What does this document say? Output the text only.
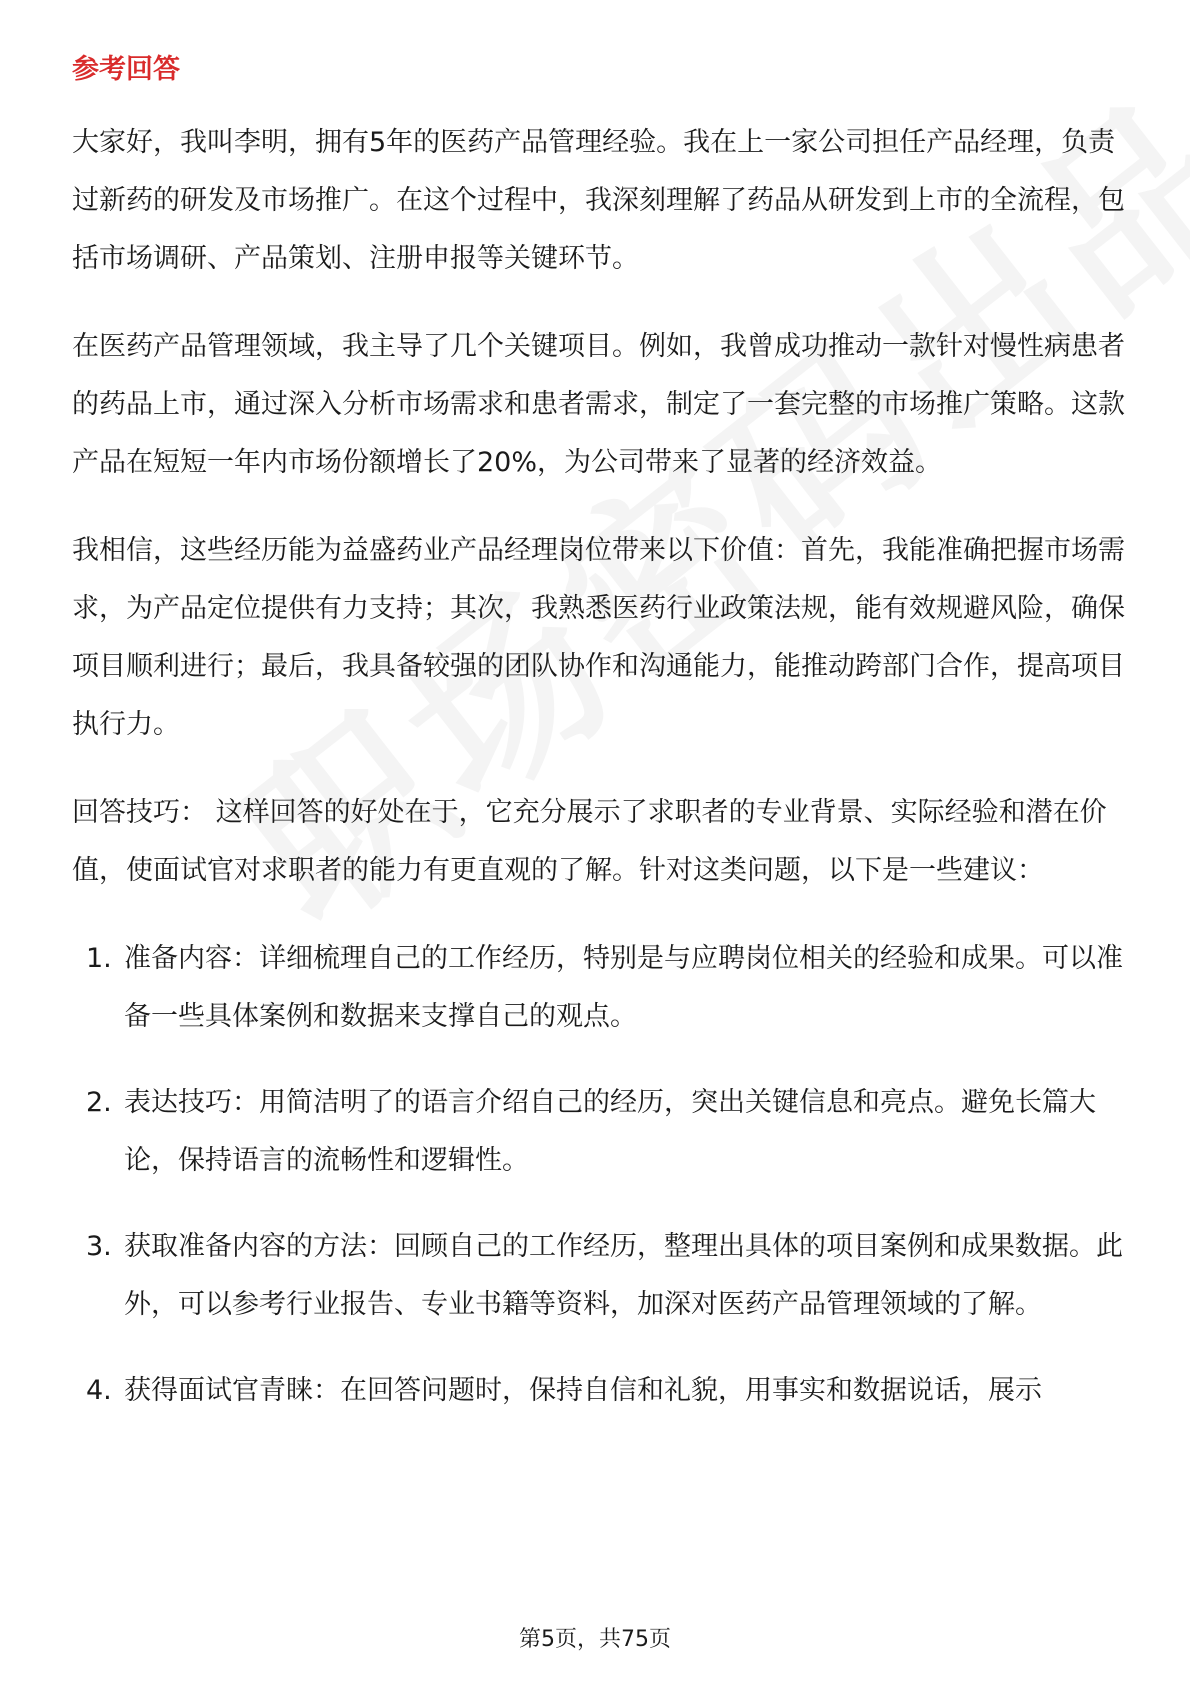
参考回答

大家好，我叫李明，拥有5年的医药产品管理经验。我在上一家公司担任产品经理，负责过新药的研发及市场推广。在这个过程中，我深刻理解了药品从研发到上市的全流程，包括市场调研、产品策划、注册申报等关键环节。

在医药产品管理领域，我主导了几个关键项目。例如，我曾成功推动一款针对慢性病患者的药品上市，通过深入分析市场需求和患者需求，制定了一套完整的市场推广策略。这款产品在短短一年内市场份额增长了20%，为公司带来了显著的经济效益。

我相信，这些经历能为益盛药业产品经理岗位带来以下价值：首先，我能准确把握市场需求，为产品定位提供有力支持；其次，我熟悉医药行业政策法规，能有效规避风险，确保项目顺利进行；最后，我具备较强的团队协作和沟通能力，能推动跨部门合作，提高项目执行力。

回答技巧： 这样回答的好处在于，它充分展示了求职者的专业背景、实际经验和潜在价值，使面试官对求职者的能力有更直观的了解。针对这类问题，以下是一些建议：

1. 准备内容：详细梳理自己的工作经历，特别是与应聘岗位相关的经验和成果。可以准备一些具体案例和数据来支撑自己的观点。
2. 表达技巧：用简洁明了的语言介绍自己的经历，突出关键信息和亮点。避免长篇大论，保持语言的流畅性和逻辑性。
3. 获取准备内容的方法：回顾自己的工作经历，整理出具体的项目案例和成果数据。此外，可以参考行业报告、专业书籍等资料，加深对医药产品管理领域的了解。
4. 获得面试官青睐：在回答问题时，保持自信和礼貌，用事实和数据说话，展示
第5页，共75页
